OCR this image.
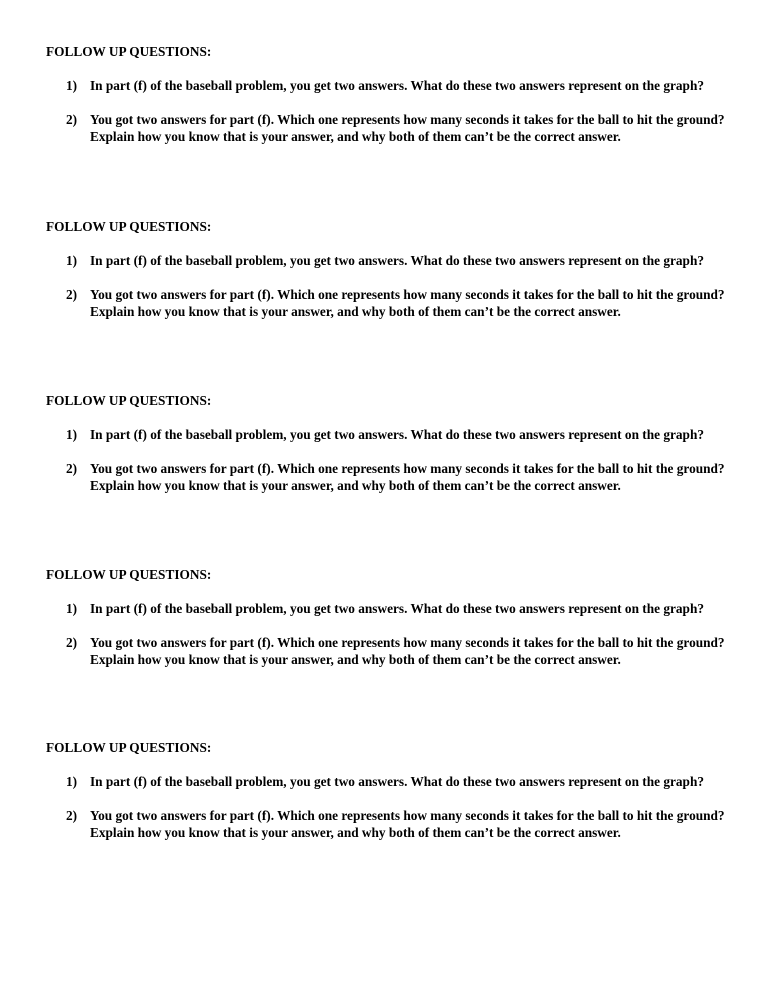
FOLLOW UP QUESTIONS:
1) In part (f) of the baseball problem, you get two answers. What do these two answers represent on the graph?
2) You got two answers for part (f). Which one represents how many seconds it takes for the ball to hit the ground? Explain how you know that is your answer, and why both of them can’t be the correct answer.
FOLLOW UP QUESTIONS:
1) In part (f) of the baseball problem, you get two answers. What do these two answers represent on the graph?
2) You got two answers for part (f). Which one represents how many seconds it takes for the ball to hit the ground? Explain how you know that is your answer, and why both of them can’t be the correct answer.
FOLLOW UP QUESTIONS:
1) In part (f) of the baseball problem, you get two answers. What do these two answers represent on the graph?
2) You got two answers for part (f). Which one represents how many seconds it takes for the ball to hit the ground? Explain how you know that is your answer, and why both of them can’t be the correct answer.
FOLLOW UP QUESTIONS:
1) In part (f) of the baseball problem, you get two answers. What do these two answers represent on the graph?
2) You got two answers for part (f). Which one represents how many seconds it takes for the ball to hit the ground? Explain how you know that is your answer, and why both of them can’t be the correct answer.
FOLLOW UP QUESTIONS:
1) In part (f) of the baseball problem, you get two answers. What do these two answers represent on the graph?
2) You got two answers for part (f). Which one represents how many seconds it takes for the ball to hit the ground? Explain how you know that is your answer, and why both of them can’t be the correct answer.
